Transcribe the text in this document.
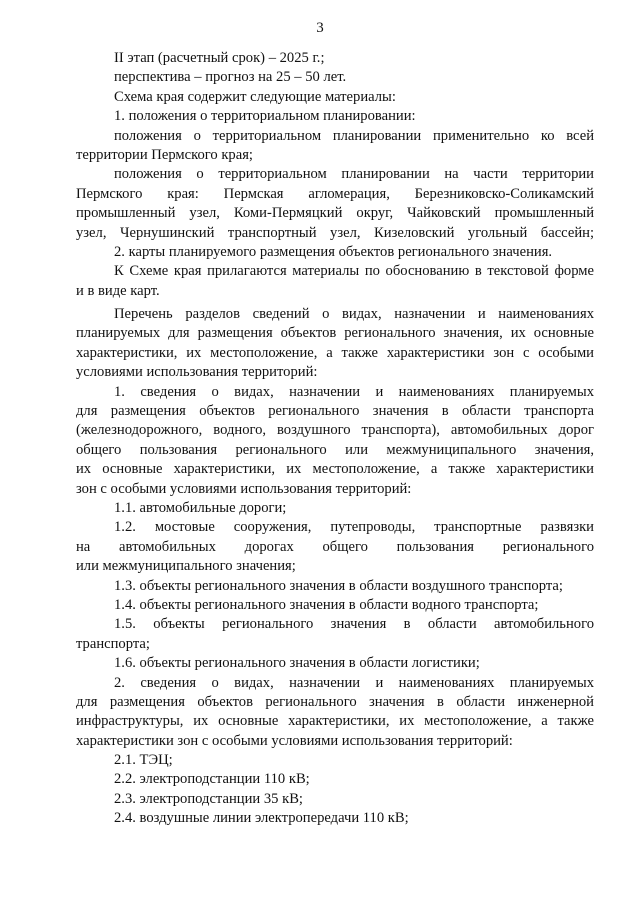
3
II этап (расчетный срок) – 2025 г.;
перспектива – прогноз на 25 – 50 лет.
Схема края содержит следующие материалы:
1. положения о территориальном планировании:
положения о территориальном планировании применительно ко всей
территории Пермского края;
положения о территориальном планировании на части территории
Пермского края: Пермская агломерация, Березниковско-Соликамский
промышленный узел, Коми-Пермяцкий округ, Чайковский промышленный
узел, Чернушинский транспортный узел, Кизеловский угольный бассейн;
2. карты планируемого размещения объектов регионального значения.
К Схеме края прилагаются материалы по обоснованию в текстовой форме
и в виде карт.
Перечень разделов сведений о видах, назначении и наименованиях
планируемых для размещения объектов регионального значения, их основные
характеристики, их местоположение, а также характеристики зон с особыми
условиями использования территорий:
1. сведения о видах, назначении и наименованиях планируемых
для размещения объектов регионального значения в области транспорта
(железнодорожного, водного, воздушного транспорта), автомобильных дорог
общего пользования регионального или межмуниципального значения,
их основные характеристики, их местоположение, а также характеристики
зон с особыми условиями использования территорий:
1.1. автомобильные дороги;
1.2. мостовые сооружения, путепроводы, транспортные развязки
на автомобильных дорогах общего пользования регионального
или межмуниципального значения;
1.3. объекты регионального значения в области воздушного транспорта;
1.4. объекты регионального значения в области водного транспорта;
1.5. объекты регионального значения в области автомобильного
транспорта;
1.6. объекты регионального значения в области логистики;
2. сведения о видах, назначении и наименованиях планируемых
для размещения объектов регионального значения в области инженерной
инфраструктуры, их основные характеристики, их местоположение, а также
характеристики зон с особыми условиями использования территорий:
2.1. ТЭЦ;
2.2. электроподстанции 110 кВ;
2.3. электроподстанции 35 кВ;
2.4. воздушные линии электропередачи 110 кВ;
